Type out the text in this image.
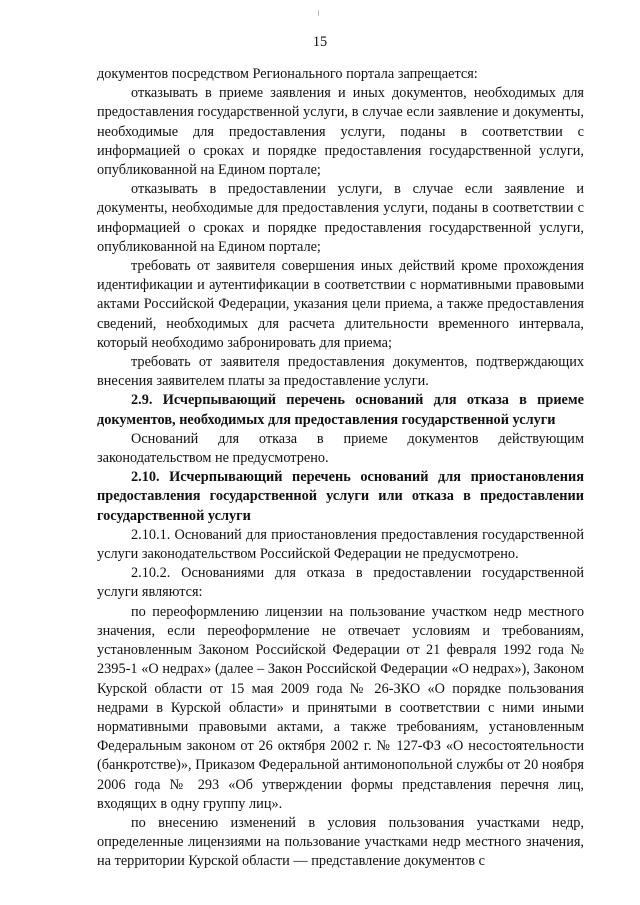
15

документов посредством Регионального портала запрещается:

отказывать в приеме заявления и иных документов, необходимых для предоставления государственной услуги, в случае если заявление и документы, необходимые для предоставления услуги, поданы в соответствии с информацией о сроках и порядке предоставления государственной услуги, опубликованной на Едином портале;

отказывать в предоставлении услуги, в случае если заявление и документы, необходимые для предоставления услуги, поданы в соответствии с информацией о сроках и порядке предоставления государственной услуги, опубликованной на Едином портале;

требовать от заявителя совершения иных действий кроме прохождения идентификации и аутентификации в соответствии с нормативными правовыми актами Российской Федерации, указания цели приема, а также предоставления сведений, необходимых для расчета длительности временного интервала, который необходимо забронировать для приема;

требовать от заявителя предоставления документов, подтверждающих внесения заявителем платы за предоставление услуги.

2.9. Исчерпывающий перечень оснований для отказа в приеме документов, необходимых для предоставления государственной услуги

Оснований для отказа в приеме документов действующим законодательством не предусмотрено.

2.10. Исчерпывающий перечень оснований для приостановления предоставления государственной услуги или отказа в предоставлении государственной услуги

2.10.1. Оснований для приостановления предоставления государственной услуги законодательством Российской Федерации не предусмотрено.

2.10.2. Основаниями для отказа в предоставлении государственной услуги являются:

по переоформлению лицензии на пользование участком недр местного значения, если переоформление не отвечает условиям и требованиям, установленным Законом Российской Федерации от 21 февраля 1992 года № 2395-1 «О недрах» (далее – Закон Российской Федерации «О недрах»), Законом Курской области от 15 мая 2009 года № 26-ЗКО «О порядке пользования недрами в Курской области» и принятыми в соответствии с ними иными нормативными правовыми актами, а также требованиям, установленным Федеральным законом от 26 октября 2002 г. № 127-ФЗ «О несостоятельности (банкротстве)», Приказом Федеральной антимонопольной службы от 20 ноября 2006 года № 293 «Об утверждении формы представления перечня лиц, входящих в одну группу лиц».

по внесению изменений в условия пользования участками недр, определенные лицензиями на пользование участками недр местного значения, на территории Курской области — представление документов с
